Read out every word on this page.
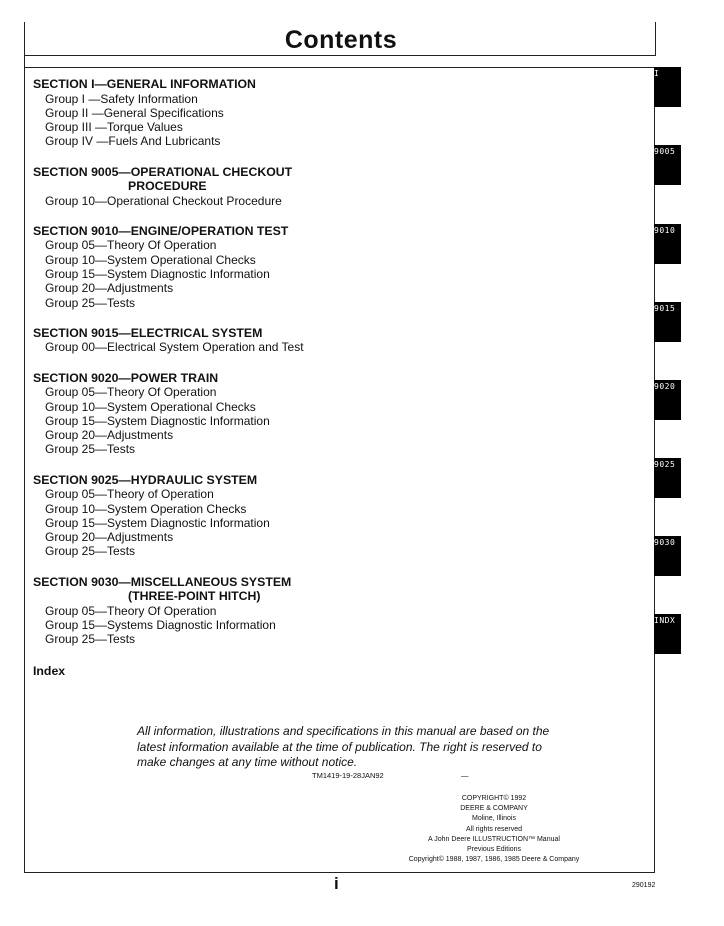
Contents
SECTION I—GENERAL INFORMATION
Group I —Safety Information
Group II —General Specifications
Group III —Torque Values
Group IV —Fuels And Lubricants
SECTION 9005—OPERATIONAL CHECKOUT
PROCEDURE
Group 10—Operational Checkout Procedure
SECTION 9010—ENGINE/OPERATION TEST
Group 05—Theory Of Operation
Group 10—System Operational Checks
Group 15—System Diagnostic Information
Group 20—Adjustments
Group 25—Tests
SECTION 9015—ELECTRICAL SYSTEM
Group 00—Electrical System Operation and Test
SECTION 9020—POWER TRAIN
Group 05—Theory Of Operation
Group 10—System Operational Checks
Group 15—System Diagnostic Information
Group 20—Adjustments
Group 25—Tests
SECTION 9025—HYDRAULIC SYSTEM
Group 05—Theory of Operation
Group 10—System Operation Checks
Group 15—System Diagnostic Information
Group 20—Adjustments
Group 25—Tests
SECTION 9030—MISCELLANEOUS SYSTEM
(THREE-POINT HITCH)
Group 05—Theory Of Operation
Group 15—Systems Diagnostic Information
Group 25—Tests
Index
All information, illustrations and specifications in this manual are based on the latest information available at the time of publication. The right is reserved to make changes at any time without notice.
TM1419-19-28JAN92	—
COPYRIGHT© 1992
DEERE & COMPANY
Moline, Illinois
All rights reserved
A John Deere ILLUSTRUCTION™ Manual
Previous Editions
Copyright© 1988, 1987, 1986, 1985 Deere & Company
i	290192
I
9005
9010
9015
9020
9025
9030
INDX
